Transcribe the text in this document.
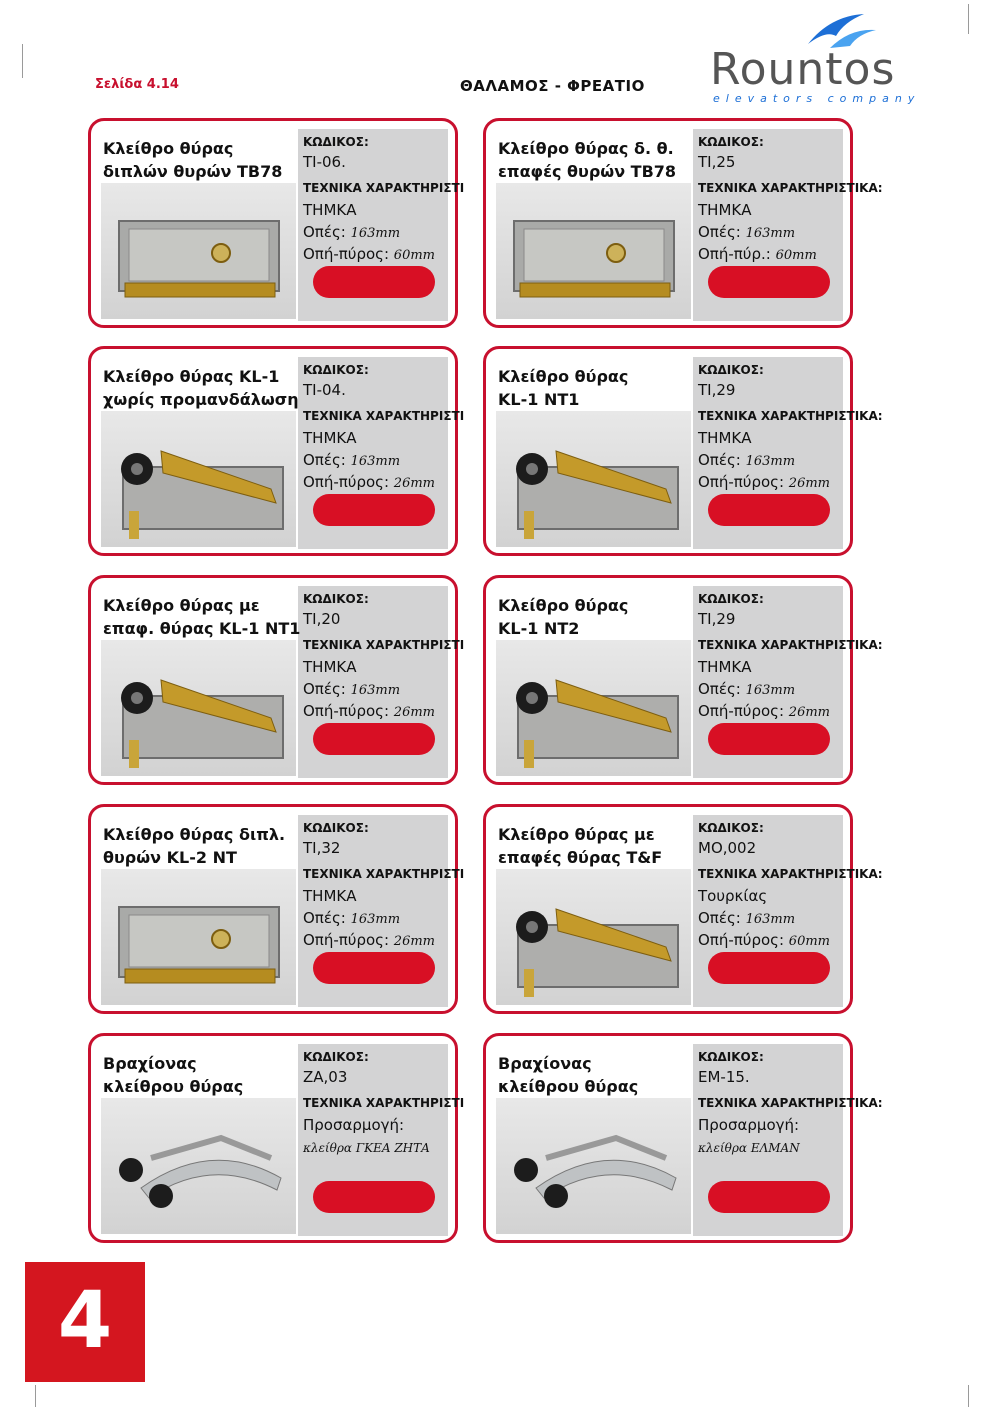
Σελίδα 4.14	ΘΑΛΑΜΟΣ - ΦΡΕΑΤΙΟ Rountos
elevators company
Κλείθρο θύρας
διπλών θυρών ΤΒ78
ΚΩΔΙΚΟΣ:
ΤΙ-06.
ΤΕΧΝΙΚΑ ΧΑΡΑΚΤΗΡΙΣΤΙ
ΤΗΜΚΑ
Οπές: 163mm
Οπή-πύρος: 60mm
Κλείθρο θύρας δ. θ.
επαφές θυρών ΤΒ78
ΚΩΔΙΚΟΣ:
ΤΙ,25
ΤΕΧΝΙΚΑ ΧΑΡΑΚΤΗΡΙΣΤΙΚΑ:
ΤΗΜΚΑ
Οπές: 163mm
Οπή-πύρ.: 60mm
Κλείθρο θύρας KL-1
χωρίς προμανδάλωση
ΚΩΔΙΚΟΣ:
ΤΙ-04.
ΤΕΧΝΙΚΑ ΧΑΡΑΚΤΗΡΙΣΤΙ
ΤΗΜΚΑ
Οπές: 163mm
Οπή-πύρος: 26mm
Κλείθρο θύρας
KL-1 NT1
ΚΩΔΙΚΟΣ:
ΤΙ,29
ΤΕΧΝΙΚΑ ΧΑΡΑΚΤΗΡΙΣΤΙΚΑ:
ΤΗΜΚΑ
Οπές: 163mm
Οπή-πύρος: 26mm
Κλείθρο θύρας με
επαφ. θύρας KL-1 NT1
ΚΩΔΙΚΟΣ:
ΤΙ,20
ΤΕΧΝΙΚΑ ΧΑΡΑΚΤΗΡΙΣΤΙ
ΤΗΜΚΑ
Οπές: 163mm
Οπή-πύρος: 26mm
Κλείθρο θύρας
KL-1 NT2
ΚΩΔΙΚΟΣ:
ΤΙ,29
ΤΕΧΝΙΚΑ ΧΑΡΑΚΤΗΡΙΣΤΙΚΑ:
ΤΗΜΚΑ
Οπές: 163mm
Οπή-πύρος: 26mm
Κλείθρο θύρας διπλ.
θυρών KL-2 NT
ΚΩΔΙΚΟΣ:
ΤΙ,32
ΤΕΧΝΙΚΑ ΧΑΡΑΚΤΗΡΙΣΤΙ
ΤΗΜΚΑ
Οπές: 163mm
Οπή-πύρος: 26mm
Κλείθρο θύρας με
επαφές θύρας T&F
ΚΩΔΙΚΟΣ:
ΜΟ,002
ΤΕΧΝΙΚΑ ΧΑΡΑΚΤΗΡΙΣΤΙΚΑ:
Τουρκίας
Οπές: 163mm
Οπή-πύρος: 60mm
Βραχίονας
κλείθρου θύρας
ΚΩΔΙΚΟΣ:
ΖΑ,03
ΤΕΧΝΙΚΑ ΧΑΡΑΚΤΗΡΙΣΤΙ
Προσαρμογή:
κλείθρα ΓΚΕΑ ΖΗΤΑ
Βραχίονας
κλείθρου θύρας
ΚΩΔΙΚΟΣ:
ΕΜ-15.
ΤΕΧΝΙΚΑ ΧΑΡΑΚΤΗΡΙΣΤΙΚΑ:
Προσαρμογή:
κλείθρα ΕΛΜΑΝ
4
